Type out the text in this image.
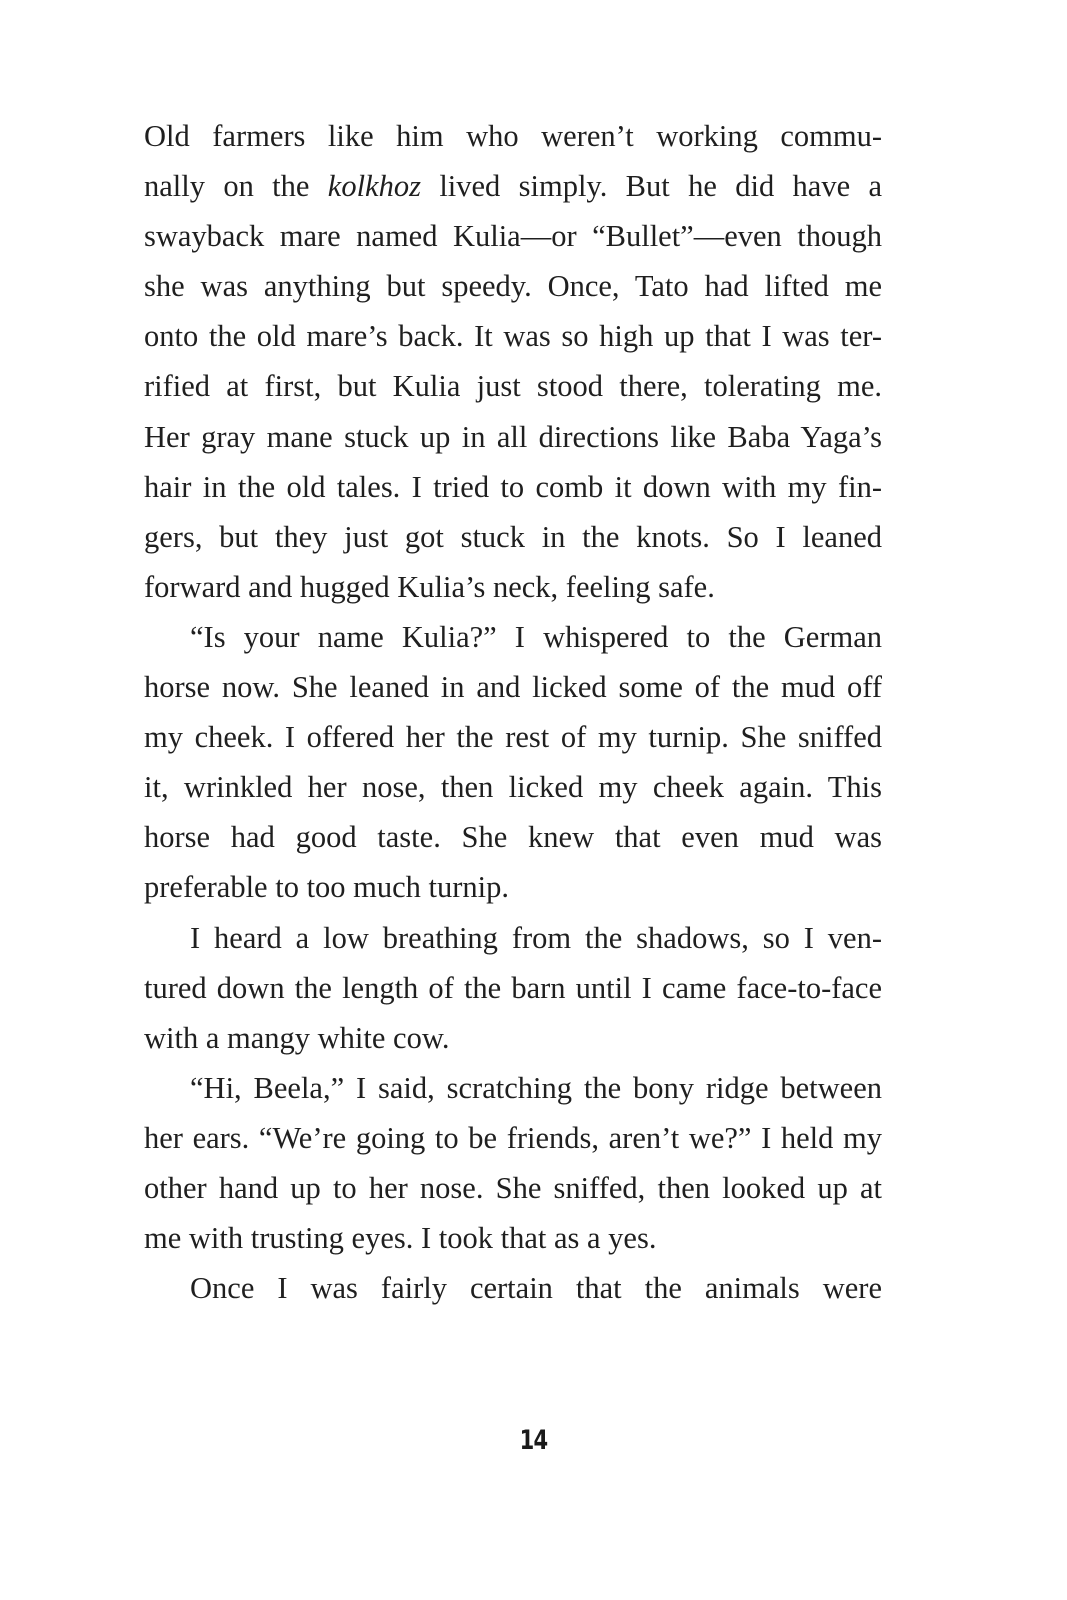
Old farmers like him who weren’t working commu-
nally on the kolkhoz lived simply. But he did have a
swayback mare named Kulia—or “Bullet”—even though
she was anything but speedy. Once, Tato had lifted me
onto the old mare’s back. It was so high up that I was ter-
rified at first, but Kulia just stood there, tolerating me.
Her gray mane stuck up in all directions like Baba Yaga’s
hair in the old tales. I tried to comb it down with my fin-
gers, but they just got stuck in the knots. So I leaned
forward and hugged Kulia’s neck, feeling safe.
“Is your name Kulia?” I whispered to the German
horse now. She leaned in and licked some of the mud off
my cheek. I offered her the rest of my turnip. She sniffed
it, wrinkled her nose, then licked my cheek again. This
horse had good taste. She knew that even mud was
preferable to too much turnip.
I heard a low breathing from the shadows, so I ven-
tured down the length of the barn until I came face-to-face
with a mangy white cow.
“Hi, Beela,” I said, scratching the bony ridge between
her ears. “We’re going to be friends, aren’t we?” I held my
other hand up to her nose. She sniffed, then looked up at
me with trusting eyes. I took that as a yes.
Once I was fairly certain that the animals were
14
